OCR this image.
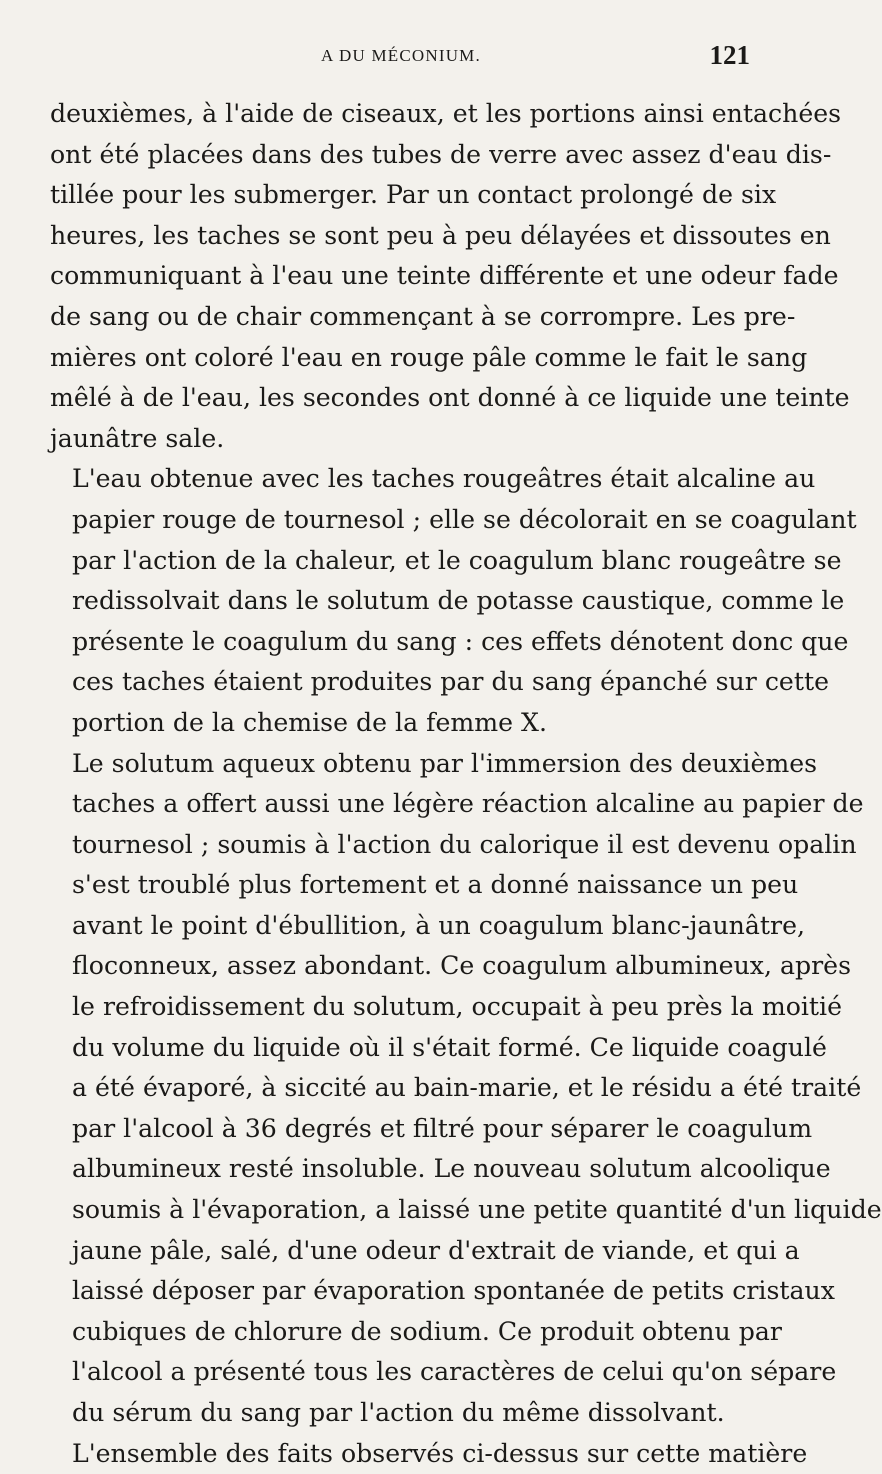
A DU MÉCONIUM.	121

deuxièmes, à l'aide de ciseaux, et les portions ainsi entachées
ont été placées dans des tubes de verre avec assez d'eau dis-
tillée pour les submerger. Par un contact prolongé de six
heures, les taches se sont peu à peu délayées et dissoutes en
communiquant à l'eau une teinte différente et une odeur fade
de sang ou de chair commençant à se corrompre. Les pre-
mières ont coloré l'eau en rouge pâle comme le fait le sang
mêlé à de l'eau, les secondes ont donné à ce liquide une teinte
jaunâtre sale.

L'eau obtenue avec les taches rougeâtres était alcaline au
papier rouge de tournesol ; elle se décolorait en se coagulant
par l'action de la chaleur, et le coagulum blanc rougeâtre se
redissolvait dans le solutum de potasse caustique, comme le
présente le coagulum du sang : ces effets dénotent donc que
ces taches étaient produites par du sang épanché sur cette
portion de la chemise de la femme X.

Le solutum aqueux obtenu par l'immersion des deuxièmes
taches a offert aussi une légère réaction alcaline au papier de
tournesol ; soumis à l'action du calorique il est devenu opalin
s'est troublé plus fortement et a donné naissance un peu
avant le point d'ébullition, à un coagulum blanc-jaunâtre,
floconneux, assez abondant. Ce coagulum albumineux, après
le refroidissement du solutum, occupait à peu près la moitié
du volume du liquide où il s'était formé. Ce liquide coagulé
a été évaporé, à siccité au bain-marie, et le résidu a été traité
par l'alcool à 36 degrés et filtré pour séparer le coagulum
albumineux resté insoluble. Le nouveau solutum alcoolique
soumis à l'évaporation, a laissé une petite quantité d'un liquide
jaune pâle, salé, d'une odeur d'extrait de viande, et qui a
laissé déposer par évaporation spontanée de petits cristaux
cubiques de chlorure de sodium. Ce produit obtenu par
l'alcool a présenté tous les caractères de celui qu'on sépare
du sérum du sang par l'action du même dissolvant.

L'ensemble des faits observés ci-dessus sur cette matière
